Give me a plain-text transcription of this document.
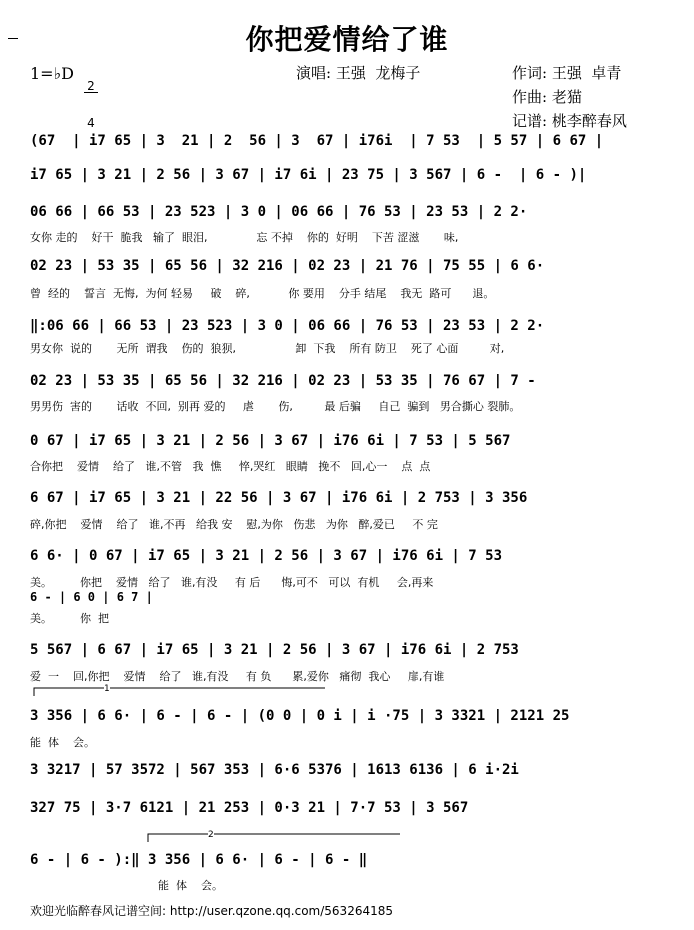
你把爱情给了谁
1=♭D

$\frac{2}{4}$	演唱: 王强  龙梅子	作词: 王强  卓青
作曲: 老猫
记谱: 桃李醉春风
(67  | i7 65 | 3  21 | 2  56 | 3  67 | i76i  | 7 53  | 5 57 | 6 67 |
i7 65 | 3 21 | 2 56 | 3 67 | i7 6i | 23 75 | 3 567 | 6 -  | 6 - )|
06 66 | 66 53 | 23 523 | 3 0 | 06 66 | 76 53 | 23 53 | 2 2·
02 23 | 53 35 | 65 56 | 32 216 | 02 23 | 21 76 | 75 55 | 6 6·
‖:06 66 | 66 53 | 23 523 | 3 0 | 06 66 | 76 53 | 23 53 | 2 2·
02 23 | 53 35 | 65 56 | 32 216 | 02 23 | 53 35 | 76 67 | 7 -
0 67 | i7 65 | 3 21 | 2 56 | 3 67 | i76 6i | 7 53 | 5 567
6 67 | i7 65 | 3 21 | 22 56 | 3 67 | i76 6i | 2 753 | 3 356
6 6· | 0 67 | i7 65 | 3 21 | 2 56 | 3 67 | i76 6i | 7 53
6 - | 6 0 | 6 7 |
5 567 | 6 67 | i7 65 | 3 21 | 2 56 | 3 67 | i76 6i | 2 753
3 356 | 6 6· | 6 - | 6 - | (0 0 | 0 i | i ·75 | 3 3321 | 2121 25
3 3217 | 57 3572 | 567 353 | 6·6 5376 | 1613 6136 | 6 i·2i
327 75 | 3·7 6121 | 21 253 | 0·3 21 | 7·7 53 | 3 567
6 - | 6 - ):‖ 3 356 | 6 6· | 6 - | 6 - ‖
女你 走的    好干  脆我   输了  眼泪,              忘 不掉    你的  好明    下苦 涩滋       味,
曾  经的    誓言  无悔,  为何 轻易     破    碎,           你 要用    分手 结尾    我无  路可      退。
男女你  说的       无所  谓我    伤的  狼狈,                 卸  下我    所有 防卫    死了 心面         对,
男男伤  害的       话收  不回,  别再 爱的     虐       伤,         最 后骗     自己  骗到   男合撕心 裂肺。
合你把    爱情    给了   谁,不管   我  憔     悴,哭红   眼睛   挽不   回,心一    点  点
碎,你把    爱情    给了   谁,不再   给我 安    慰,为你   伤悲   为你   醉,爱已     不 完
美。        你把    爱情   给了   谁,有没     有 后      悔,可不   可以  有机     会,再来
美。        你  把
爱  一    回,你把    爱情    给了   谁,有没     有 负      累,爱你   痛彻  我心     扉,有谁
能  体    会。
能  体    会。
1
2
欢迎光临醉春风记谱空间: http://user.qzone.qq.com/563264185
